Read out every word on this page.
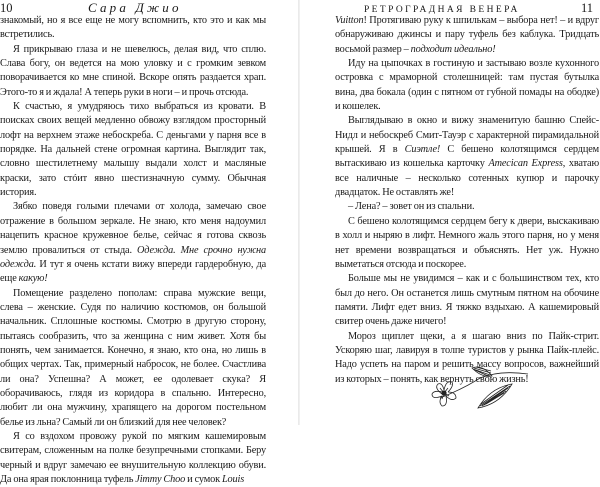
10	Сара Джио

знакомый, но я все еще не могу вспомнить, кто это и как мы встретились.

Я прикрываю глаза и не шевелюсь, делая вид, что сплю. Слава богу, он ведется на мою уловку и с громким зевком поворачивается ко мне спиной. Вскоре опять раздается храп. Этого-то я и ждала! А теперь руки в ноги – и прочь отсюда.

К счастью, я умудряюсь тихо выбраться из кровати. В поисках своих вещей медленно обвожу взглядом просторный лофт на верхнем этаже небоскреба. С деньгами у парня все в порядке. На дальней стене огромная картина. Выглядит так, словно шестилетнему малышу выдали холст и масляные краски, зато стóит явно шестизначную сумму. Обычная история.

Зябко поведя голыми плечами от холода, замечаю свое отражение в большом зеркале. Не знаю, кто меня надоумил нацепить красное кружевное белье, сейчас я готова сквозь землю провалиться от стыда. Одежда. Мне срочно нужна одежда. И тут я очень кстати вижу впереди гардеробную, да еще какую!

Помещение разделено пополам: справа мужские вещи, слева – женские. Судя по наличию костюмов, он большой начальник. Сплошные костюмы. Смотрю в другую сторону, пытаясь сообразить, что за женщина с ним живет. Хотя бы понять, чем занимается. Конечно, я знаю, кто она, но лишь в общих чертах. Так, примерный набросок, не более. Счастлива ли она? Успешна? А может, ее одолевает скука? Я оборачиваюсь, глядя из коридора в спальню. Интересно, любит ли она мужчину, храпящего на дорогом постельном белье из льна? Самый ли он близкий для нее человек?

Я со вздохом провожу рукой по мягким кашемировым свитерам, сложенным на полке безупречными стопками. Беру черный и вдруг замечаю ее внушительную коллекцию обуви. Да она ярая поклонница туфель Jimmy Choo и сумок Louis

РЕТРОГРАДНАЯ ВЕНЕРА	11

Vuitton! Протягиваю руку к шпилькам – выбора нет! – и вдруг обнаруживаю джинсы и пару туфель без каблука. Тридцать восьмой размер – подходит идеально!

Иду на цыпочках в гостиную и застываю возле кухонного островка с мраморной столешницей: там пустая бутылка вина, два бокала (один с пятном от губной помады на ободке) и кошелек.

Выглядываю в окно и вижу знаменитую башню Спейс-Нидл и небоскреб Смит-Тауэр с характерной пирамидальной крышей. Я в Сиэтле! С бешено колотящимся сердцем вытаскиваю из кошелька карточку Amecican Express, хватаю все наличные – несколько сотенных купюр и парочку двадцаток. Не оставлять же!

– Лена? – зовет он из спальни.

С бешено колотящимся сердцем бегу к двери, выскакиваю в холл и ныряю в лифт. Немного жаль этого парня, но у меня нет времени возвращаться и объяснять. Нет уж. Нужно выметаться отсюда и поскорее.

Больше мы не увидимся – как и с большинством тех, кто был до него. Он останется лишь смутным пятном на обочине памяти. Лифт едет вниз. Я тяжко вздыхаю. А кашемировый свитер очень даже ничего!

Мороз щиплет щеки, а я шагаю вниз по Пайк-стрит. Ускоряю шаг, лавируя в толпе туристов у рынка Пайк-плейс. Надо успеть на паром и решить массу вопросов, важнейший из которых – понять, как вернуть свою жизнь!
